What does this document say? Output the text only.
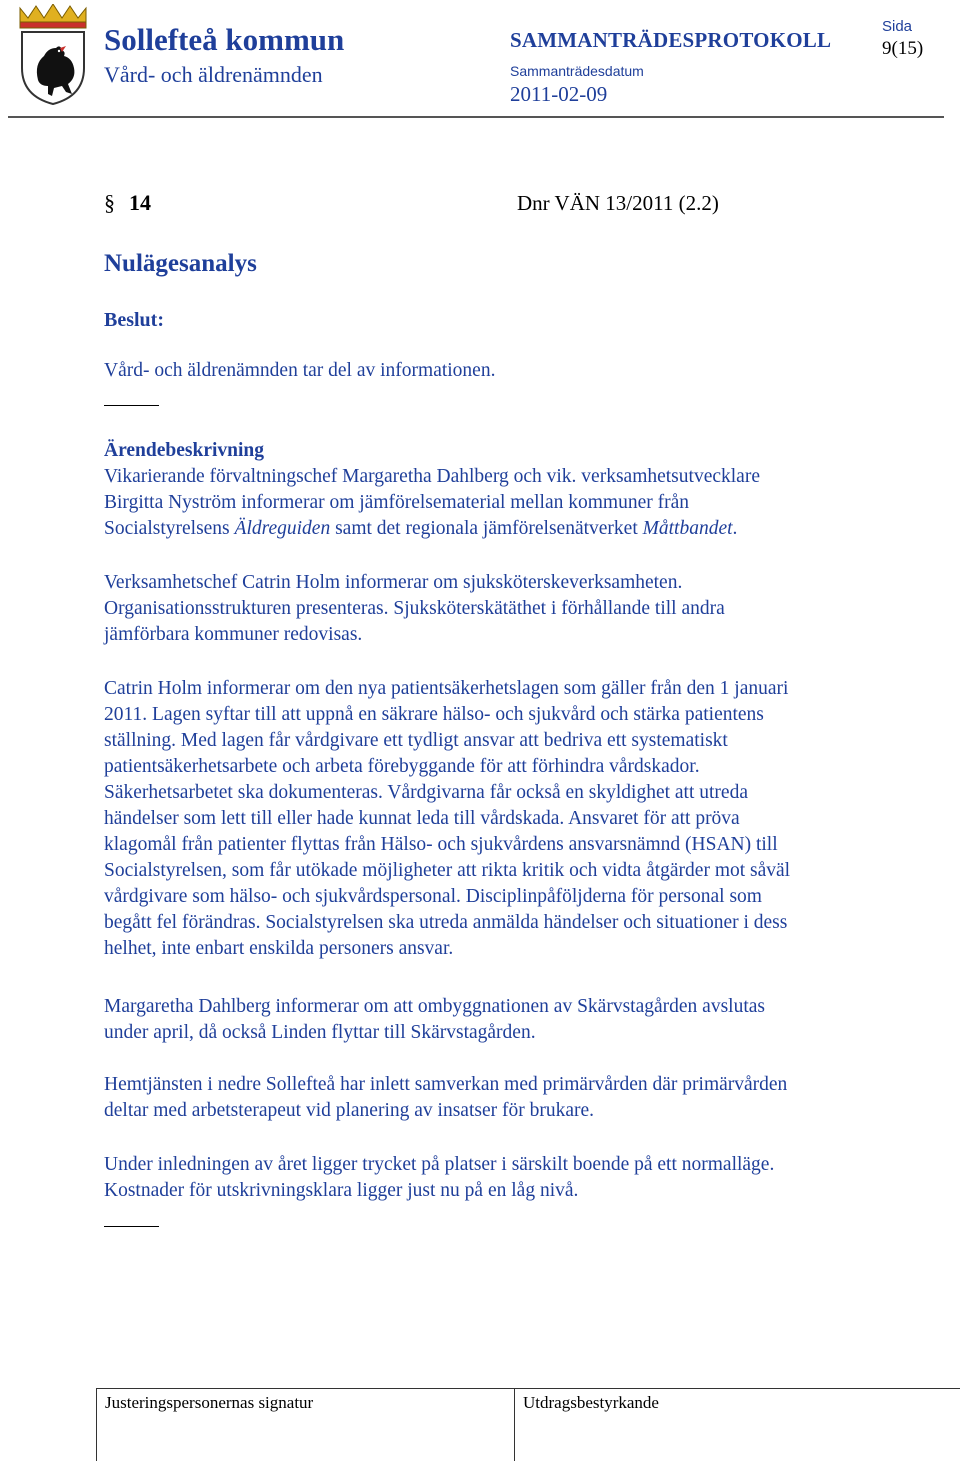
Sollefteå kommun
Vård- och äldrenämnden
SAMMANTRÄDESPROTOKOLL
Sammanträdesdatum
2011-02-09
Sida
9(15)
§ 14	Dnr VÄN 13/2011 (2.2)
Nulägesanalys
Beslut:
Vård- och äldrenämnden tar del av informationen.
Ärendebeskrivning
Vikarierande förvaltningschef Margaretha Dahlberg och vik. verksamhetsutvecklare
Birgitta Nyström informerar om jämförelsematerial mellan kommuner från
Socialstyrelsens Äldreguiden samt det regionala jämförelsenätverket Måttbandet.
Verksamhetschef Catrin Holm informerar om sjuksköterskeverksamheten.
Organisationsstrukturen presenteras. Sjuksköterskätäthet i förhållande till andra
jämförbara kommuner redovisas.
Catrin Holm informerar om den nya patientsäkerhetslagen som gäller från den 1 januari
2011. Lagen syftar till att uppnå en säkrare hälso- och sjukvård och stärka patientens
ställning. Med lagen får vårdgivare ett tydligt ansvar att bedriva ett systematiskt
patientsäkerhetsarbete och arbeta förebyggande för att förhindra vårdskador.
Säkerhetsarbetet ska dokumenteras. Vårdgivarna får också en skyldighet att utreda
händelser som lett till eller hade kunnat leda till vårdskada. Ansvaret för att pröva
klagomål från patienter flyttas från Hälso- och sjukvårdens ansvarsnämnd (HSAN) till
Socialstyrelsen, som får utökade möjligheter att rikta kritik och vidta åtgärder mot såväl
vårdgivare som hälso- och sjukvårdspersonal. Disciplinpåföljderna för personal som
begått fel förändras. Socialstyrelsen ska utreda anmälda händelser och situationer i dess
helhet, inte enbart enskilda personers ansvar.
Margaretha Dahlberg informerar om att ombyggnationen av Skärvstagården avslutas
under april, då också Linden flyttar till Skärvstagården.
Hemtjänsten i nedre Sollefteå har inlett samverkan med primärvården där primärvården
deltar med arbetsterapeut vid planering av insatser för brukare.
Under inledningen av året ligger trycket på platser i särskilt boende på ett normalläge.
Kostnader för utskrivningsklara ligger just nu på en låg nivå.
Justeringspersonernas signatur	Utdragsbestyrkande
